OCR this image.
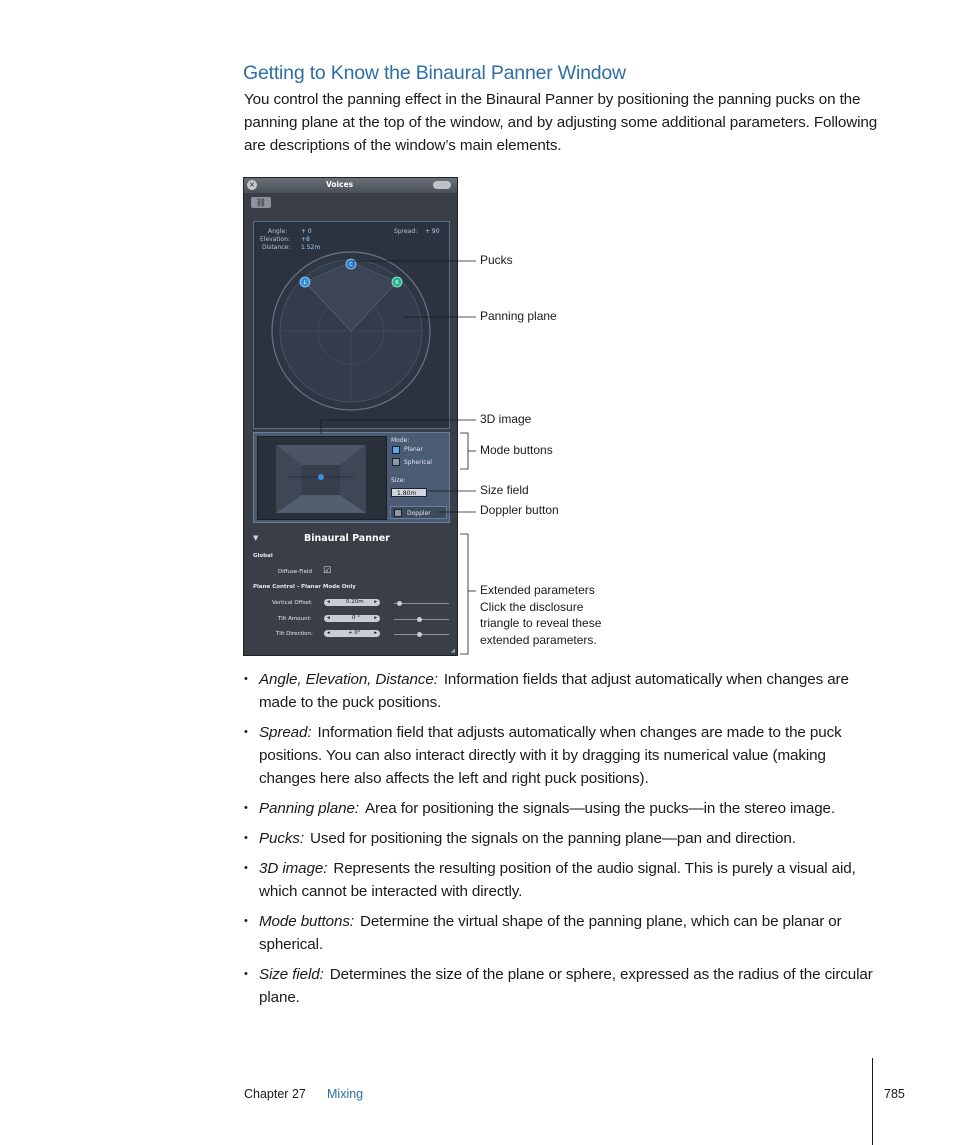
Getting to Know the Binaural Panner Window

You control the panning effect in the Binaural Panner by positioning the panning pucks on the panning plane at the top of the window, and by adjusting some additional parameters. Following are descriptions of the window’s main elements.

×	Voices
⛓
L
C
R
Angle: + 0
Elevation: +8
Distance: 1.52m
Spread: + 90
Mode:
Planar
Spherical
Size:
1.80m
Doppler
▼	Binaural Panner
Global
Diffuse-Field ☑
Plane Control - Planar Mode Only
Vertical Offset:	◂	0.20m ▸
Tilt Amount:	◂	0 °	▸
Tilt Direction:	◂	+ 0° ▸
◢
Pucks
Panning plane
3D image
Mode buttons
Size field
Doppler button
Extended parameters
Click the disclosure
triangle to reveal these
extended parameters.
• Angle, Elevation, Distance: Information fields that adjust automatically when changes are made to the puck positions.
• Spread: Information field that adjusts automatically when changes are made to the puck positions. You can also interact directly with it by dragging its numerical value (making changes here also affects the left and right puck positions).
• Panning plane: Area for positioning the signals—using the pucks—in the stereo image.
• Pucks: Used for positioning the signals on the panning plane—pan and direction.
• 3D image: Represents the resulting position of the audio signal. This is purely a visual aid, which cannot be interacted with directly.
• Mode buttons: Determine the virtual shape of the panning plane, which can be planar or spherical.
• Size field: Determines the size of the plane or sphere, expressed as the radius of the circular plane.
Chapter 27 Mixing	785
